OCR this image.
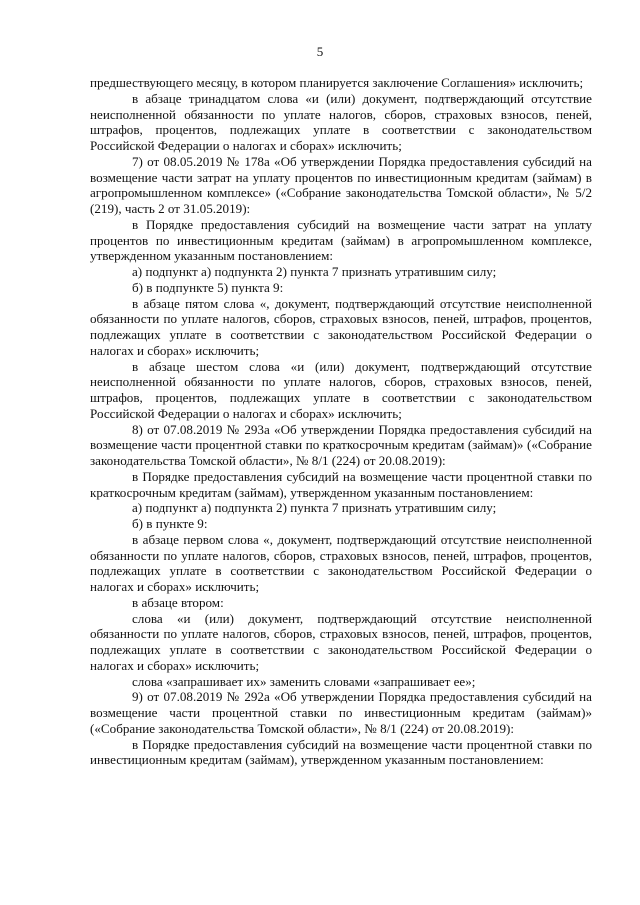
5

предшествующего месяцу, в котором планируется заключение Соглашения» исключить;

в абзаце тринадцатом слова «и (или) документ, подтверждающий отсутствие неисполненной обязанности по уплате налогов, сборов, страховых взносов, пеней, штрафов, процентов, подлежащих уплате в соответствии с законодательством Российской Федерации о налогах и сборах» исключить;

7) от 08.05.2019 № 178а «Об утверждении Порядка предоставления субсидий на возмещение части затрат на уплату процентов по инвестиционным кредитам (займам) в агропромышленном комплексе» («Собрание законодательства Томской области», № 5/2 (219), часть 2 от 31.05.2019):

в Порядке предоставления субсидий на возмещение части затрат на уплату процентов по инвестиционным кредитам (займам) в агропромышленном комплексе, утвержденном указанным постановлением:

а) подпункт а) подпункта 2) пункта 7 признать утратившим силу;

б) в подпункте 5) пункта 9:

в абзаце пятом слова «, документ, подтверждающий отсутствие неисполненной обязанности по уплате налогов, сборов, страховых взносов, пеней, штрафов, процентов, подлежащих уплате в соответствии с законодательством Российской Федерации о налогах и сборах» исключить;

в абзаце шестом слова «и (или) документ, подтверждающий отсутствие неисполненной обязанности по уплате налогов, сборов, страховых взносов, пеней, штрафов, процентов, подлежащих уплате в соответствии с законодательством Российской Федерации о налогах и сборах» исключить;

8) от 07.08.2019 № 293а «Об утверждении Порядка предоставления субсидий на возмещение части процентной ставки по краткосрочным кредитам (займам)» («Собрание законодательства Томской области», № 8/1 (224) от 20.08.2019):

в Порядке предоставления субсидий на возмещение части процентной ставки по краткосрочным кредитам (займам), утвержденном указанным постановлением:

а) подпункт а) подпункта 2) пункта 7 признать утратившим силу;

б) в пункте 9:

в абзаце первом слова «, документ, подтверждающий отсутствие неисполненной обязанности по уплате налогов, сборов, страховых взносов, пеней, штрафов, процентов, подлежащих уплате в соответствии с законодательством Российской Федерации о налогах и сборах» исключить;

в абзаце втором:

слова «и (или) документ, подтверждающий отсутствие неисполненной обязанности по уплате налогов, сборов, страховых взносов, пеней, штрафов, процентов, подлежащих уплате в соответствии с законодательством Российской Федерации о налогах и сборах» исключить;

слова «запрашивает их» заменить словами «запрашивает ее»;

9) от 07.08.2019 № 292а «Об утверждении Порядка предоставления субсидий на возмещение части процентной ставки по инвестиционным кредитам (займам)» («Собрание законодательства Томской области», № 8/1 (224) от 20.08.2019):

в Порядке предоставления субсидий на возмещение части процентной ставки по инвестиционным кредитам (займам), утвержденном указанным постановлением:
